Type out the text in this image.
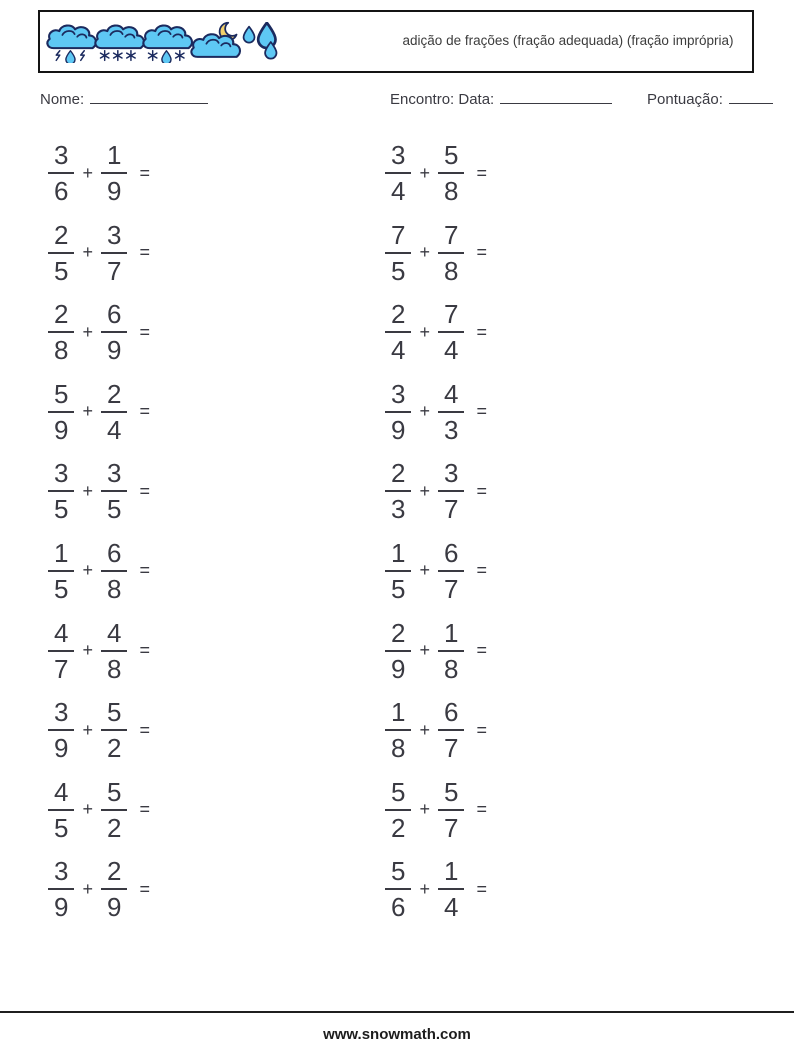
adição de frações (fração adequada) (fração imprópria)
Nome:	Encontro: Data:	Pontuação:
$\frac{3}{6} + \frac{1}{9}$ =
$\frac{2}{5} + \frac{3}{7}$ =
$\frac{2}{8} + \frac{6}{9}$ =
$\frac{5}{9} + \frac{2}{4}$ =
$\frac{3}{5} + \frac{3}{5}$ =
$\frac{1}{5} + \frac{6}{8}$ =
$\frac{4}{7} + \frac{4}{8}$ =
$\frac{3}{9} + \frac{5}{2}$ =
$\frac{4}{5} + \frac{5}{2}$ =
$\frac{3}{9} + \frac{2}{9}$ =
$\frac{3}{4} + \frac{5}{8}$ =
$\frac{7}{5} + \frac{7}{8}$ =
$\frac{2}{4} + \frac{7}{4}$ =
$\frac{3}{9} + \frac{4}{3}$ =
$\frac{2}{3} + \frac{3}{7}$ =
$\frac{1}{5} + \frac{6}{7}$ =
$\frac{2}{9} + \frac{1}{8}$ =
$\frac{1}{8} + \frac{6}{7}$ =
$\frac{5}{2} + \frac{5}{7}$ =
$\frac{5}{6} + \frac{1}{4}$ =
www.snowmath.com
